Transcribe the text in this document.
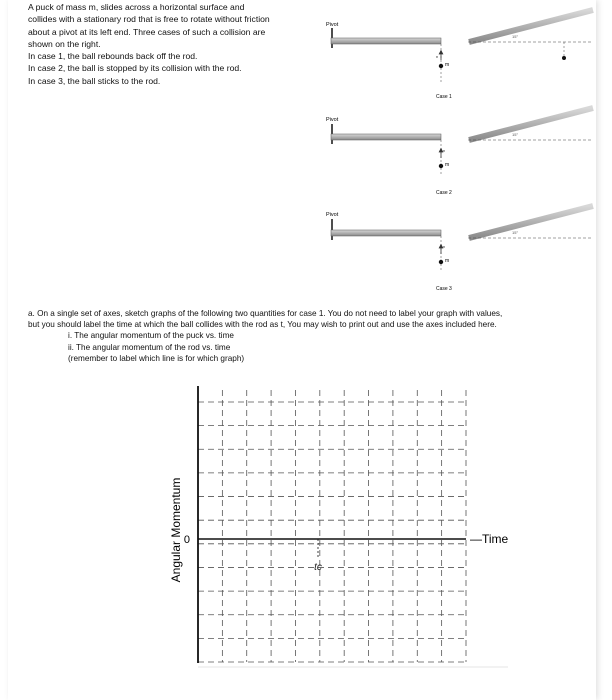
A puck of mass m, slides across a horizontal surface and

collides with a stationary rod that is free to rotate without friction

about a pivot at its left end. Three cases of such a collision are

shown on the right.

In case 1, the ball rebounds back off the rod.

In case 2, the ball is stopped by its collision with the rod.

In case 3, the ball sticks to the rod.

Pivot
m
v
15°
Case 1
Pivot
m
v
15°
Case 2
Pivot
m
v
15°
Case 3

a. On a single set of axes, sketch graphs of the following two quantities for case 1. You do not need to label your graph with values,

but you should label the time at which the ball collides with the rod as t, You may wish to print out and use the axes included here.

i. The angular momentum of the puck vs. time

ii. The angular momentum of the rod vs. time

(remember to label which line is for which graph)

0	—Time
Angular Momentum	tc
